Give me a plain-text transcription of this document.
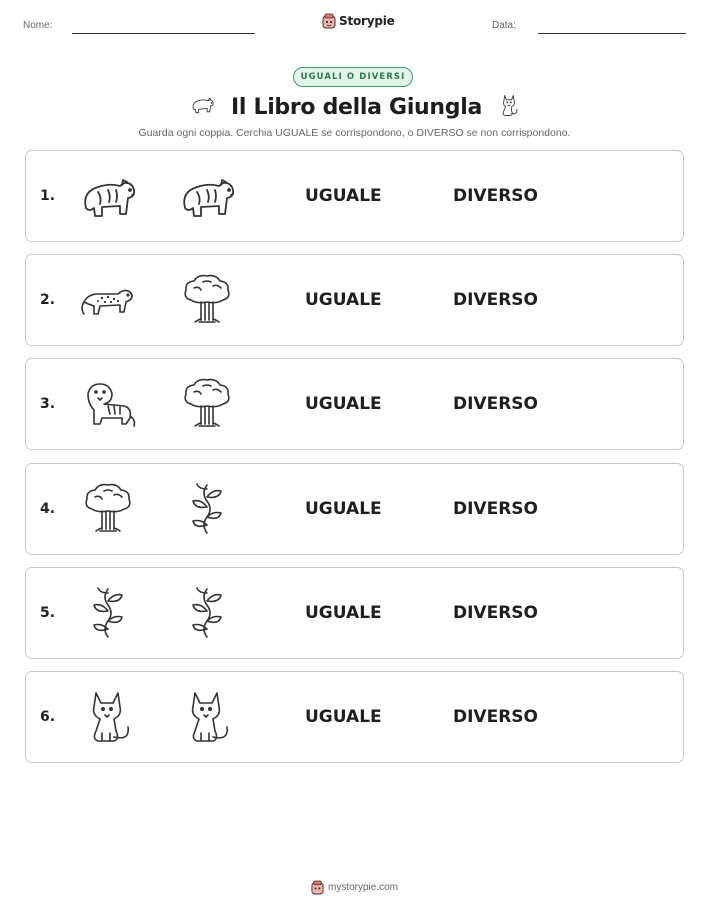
Nome:	Storypie	Data:
UGUALI O DIVERSI
Il Libro della Giungla
Guarda ogni coppia. Cerchia UGUALE se corrispondono, o DIVERSO se non corrispondono.
1.	UGUALE	DIVERSO
2.	UGUALE	DIVERSO
3.	UGUALE	DIVERSO
4.	UGUALE	DIVERSO
5.	UGUALE	DIVERSO
6.	UGUALE	DIVERSO
mystorypie.com
